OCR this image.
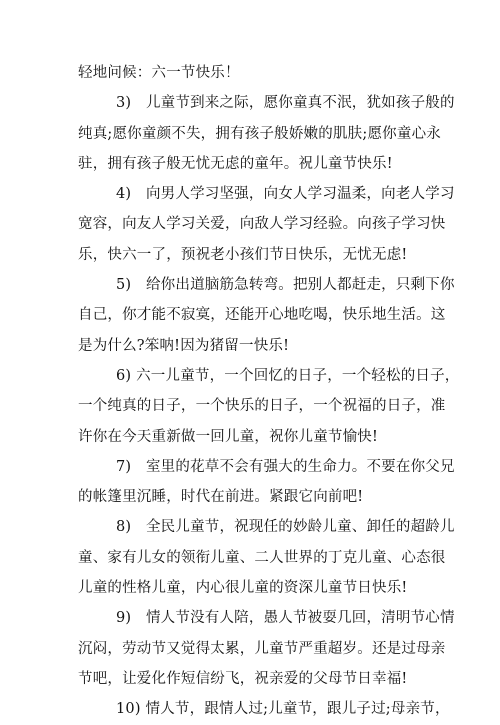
轻地问候：六一节快乐！
3)　儿童节到来之际，愿你童真不泯，犹如孩子般的
纯真;愿你童颜不失，拥有孩子般娇嫩的肌肤;愿你童心永
驻，拥有孩子般无忧无虑的童年。祝儿童节快乐!
4)　向男人学习坚强，向女人学习温柔，向老人学习
宽容，向友人学习关爱，向敌人学习经验。向孩子学习快
乐，快六一了，预祝老小孩们节日快乐，无忧无虑!
5)　给你出道脑筋急转弯。把别人都赶走，只剩下你
自己，你才能不寂寞，还能开心地吃喝，快乐地生活。这
是为什么?笨呐!因为猪留一快乐!
6) 六一儿童节，一个回忆的日子，一个轻松的日子，
一个纯真的日子，一个快乐的日子，一个祝福的日子，准
许你在今天重新做一回儿童，祝你儿童节愉快!
7)　室里的花草不会有强大的生命力。不要在你父兄
的帐篷里沉睡，时代在前进。紧跟它向前吧!
8)　全民儿童节，祝现任的妙龄儿童、卸任的超龄儿
童、家有儿女的领衔儿童、二人世界的丁克儿童、心态很
儿童的性格儿童，内心很儿童的资深儿童节日快乐!
9)　情人节没有人陪，愚人节被耍几回，清明节心情
沉闷，劳动节又觉得太累，儿童节严重超岁。还是过母亲
节吧，让爱化作短信纷飞，祝亲爱的父母节日幸福!
10) 情人节，跟情人过;儿童节，跟儿子过;母亲节，
